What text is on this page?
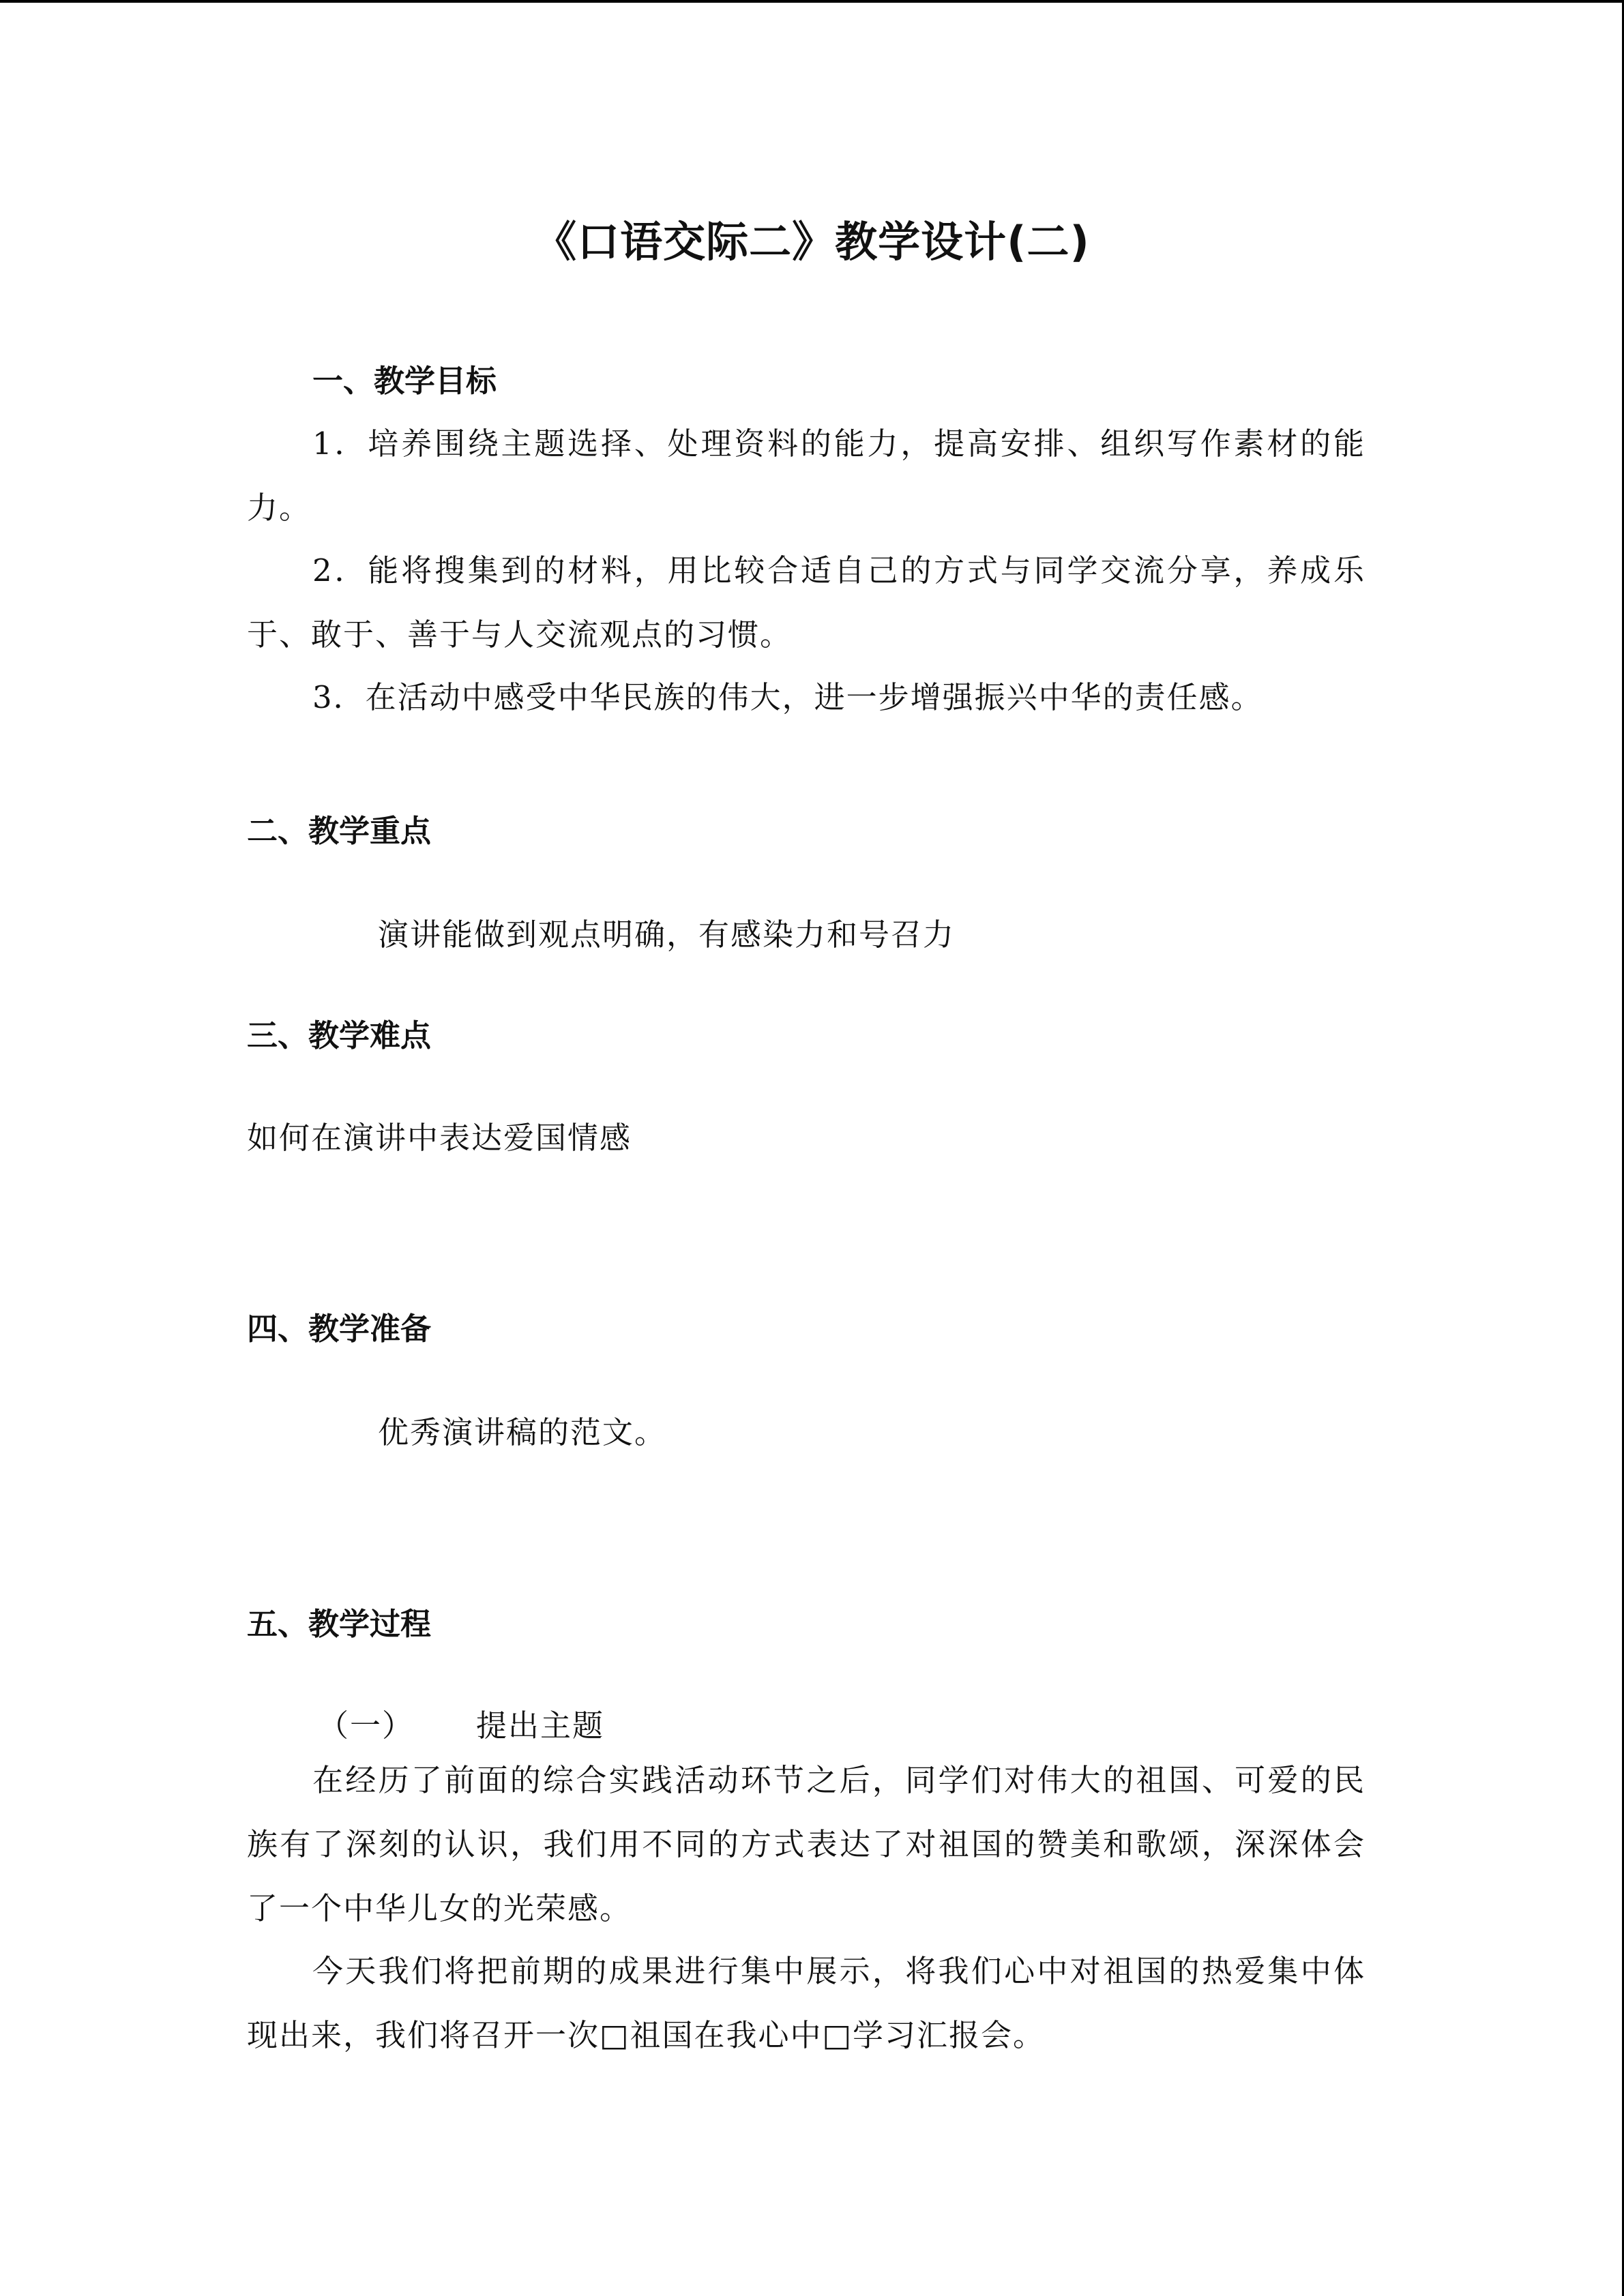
《口语交际二》教学设计(二)
一、教学目标
1．培养围绕主题选择、处理资料的能力，提高安排、组织写作素材的能力。
2．能将搜集到的材料，用比较合适自己的方式与同学交流分享，养成乐于、敢于、善于与人交流观点的习惯。
3．在活动中感受中华民族的伟大，进一步增强振兴中华的责任感。
二、教学重点
演讲能做到观点明确，有感染力和号召力
三、教学难点
如何在演讲中表达爱国情感
四、教学准备
优秀演讲稿的范文。
五、教学过程
（一） 提出主题
在经历了前面的综合实践活动环节之后，同学们对伟大的祖国、可爱的民族有了深刻的认识，我们用不同的方式表达了对祖国的赞美和歌颂，深深体会了一个中华儿女的光荣感。
今天我们将把前期的成果进行集中展示，将我们心中对祖国的热爱集中体现出来，我们将召开一次□祖国在我心中□学习汇报会。
